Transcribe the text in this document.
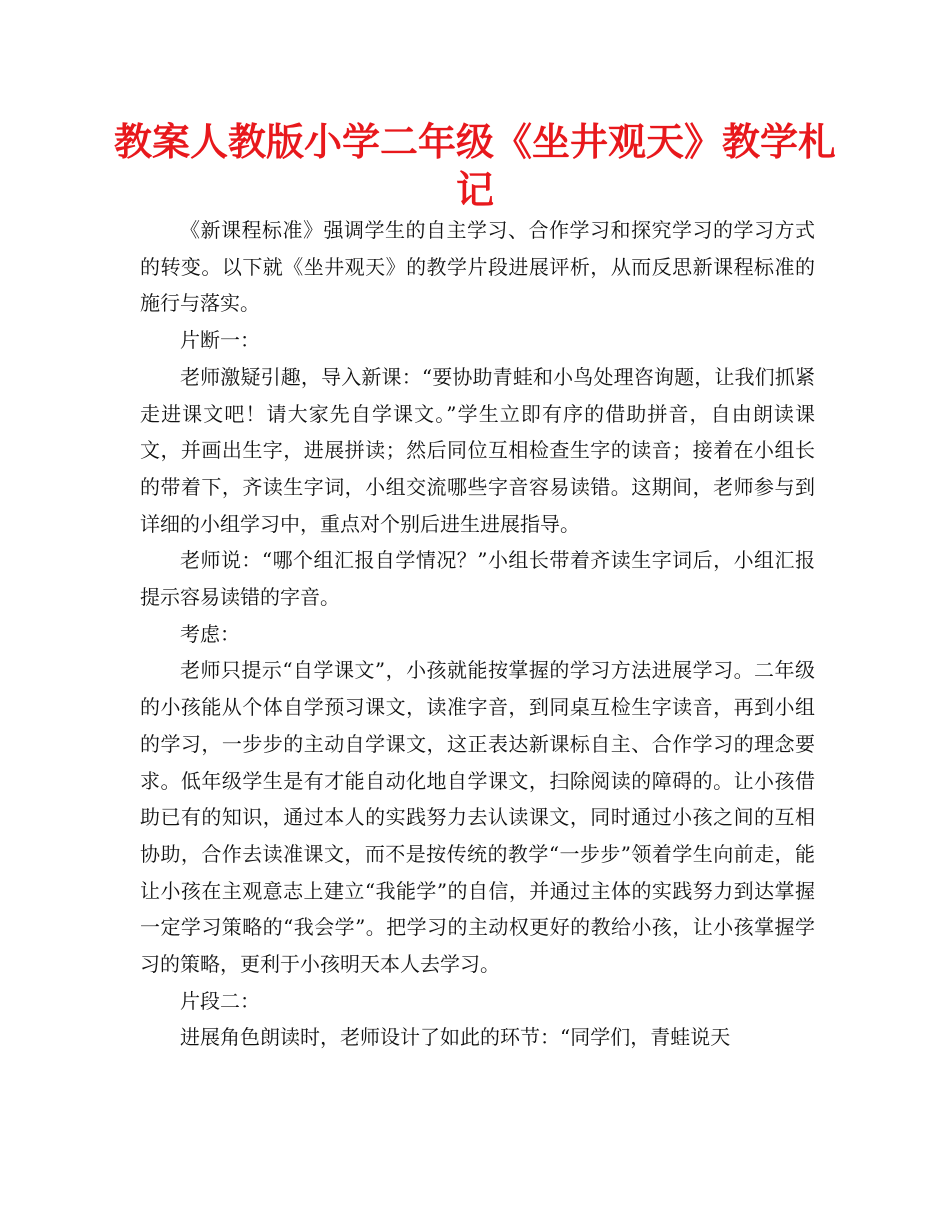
教案人教版小学二年级《坐井观天》教学札记

《新课程标准》强调学生的自主学习、合作学习和探究学习的学习方式的转变。以下就《坐井观天》的教学片段进展评析，从而反思新课程标准的施行与落实。

片断一：

老师激疑引趣，导入新课：“要协助青蛙和小鸟处理咨询题，让我们抓紧走进课文吧！请大家先自学课文。”学生立即有序的借助拼音，自由朗读课文，并画出生字，进展拼读；然后同位互相检查生字的读音；接着在小组长的带着下，齐读生字词，小组交流哪些字音容易读错。这期间，老师参与到详细的小组学习中，重点对个别后进生进展指导。

老师说：“哪个组汇报自学情况？”小组长带着齐读生字词后，小组汇报提示容易读错的字音。

考虑：

老师只提示“自学课文”，小孩就能按掌握的学习方法进展学习。二年级的小孩能从个体自学预习课文，读准字音，到同桌互检生字读音，再到小组的学习，一步步的主动自学课文，这正表达新课标自主、合作学习的理念要求。低年级学生是有才能自动化地自学课文，扫除阅读的障碍的。让小孩借助已有的知识，通过本人的实践努力去认读课文，同时通过小孩之间的互相协助，合作去读准课文，而不是按传统的教学“一步步”领着学生向前走，能让小孩在主观意志上建立“我能学”的自信，并通过主体的实践努力到达掌握一定学习策略的“我会学”。把学习的主动权更好的教给小孩，让小孩掌握学习的策略，更利于小孩明天本人去学习。

片段二：

进展角色朗读时，老师设计了如此的环节：“同学们，青蛙说天
